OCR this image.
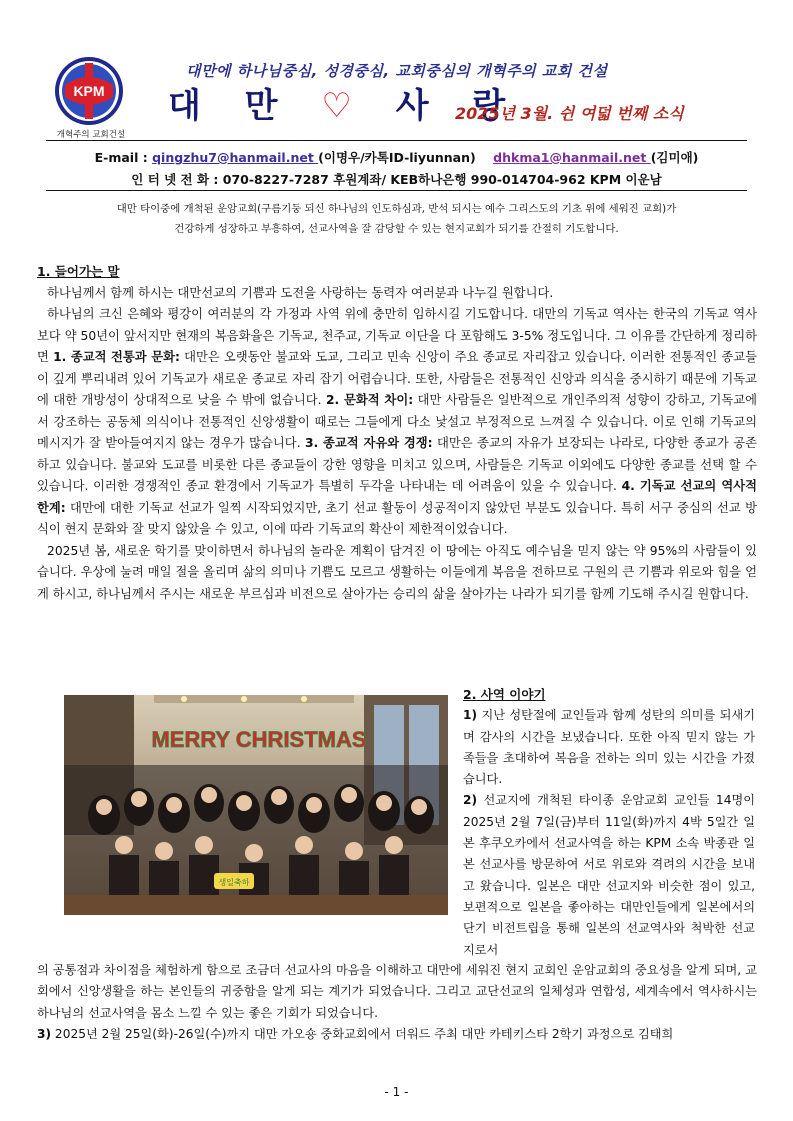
KPM
개혁주의 교회건설
대만에 하나님중심, 성경중심, 교회중심의 개혁주의 교회 건설
대 만 ♡ 사 랑
2025년 3월. 쉰 여덟 번째 소식
E-mail : qingzhu7@hanmail.net (이명우/카톡ID-liyunnan) dhkma1@hanmail.net (김미애)
인 터 넷 전 화 : 070-8227-7287 후원계좌/ KEB하나은행 990-014704-962 KPM 이운남
대만 타이중에 개척된 운암교회(구름기둥 되신 하나님의 인도하심과, 반석 되시는 예수 그리스도의 기초 위에 세워진 교회)가
건강하게 성장하고 부흥하여, 선교사역을 잘 감당할 수 있는 현지교회가 되기를 간절히 기도합니다.
1. 들어가는 말

하나님께서 함께 하시는 대만선교의 기쁨과 도전을 사랑하는 동력자 여러분과 나누길 원합니다.

하나님의 크신 은혜와 평강이 여러분의 각 가정과 사역 위에 충만히 임하시길 기도합니다. 대만의 기독교 역사는 한국의 기독교 역사보다 약 50년이 앞서지만 현재의 복음화율은 기독교, 천주교, 기독교 이단을 다 포함해도 3-5% 정도입니다. 그 이유를 간단하게 정리하면 1. 종교적 전통과 문화: 대만은 오랫동안 불교와 도교, 그리고 민속 신앙이 주요 종교로 자리잡고 있습니다. 이러한 전통적인 종교들이 깊게 뿌리내려 있어 기독교가 새로운 종교로 자리 잡기 어렵습니다. 또한, 사람들은 전통적인 신앙과 의식을 중시하기 때문에 기독교에 대한 개방성이 상대적으로 낮을 수 밖에 없습니다. 2. 문화적 차이: 대만 사람들은 일반적으로 개인주의적 성향이 강하고, 기독교에서 강조하는 공동체 의식이나 전통적인 신앙생활이 때로는 그들에게 다소 낯설고 부정적으로 느껴질 수 있습니다. 이로 인해 기독교의 메시지가 잘 받아들여지지 않는 경우가 많습니다. 3. 종교적 자유와 경쟁: 대만은 종교의 자유가 보장되는 나라로, 다양한 종교가 공존하고 있습니다. 불교와 도교를 비롯한 다른 종교들이 강한 영향을 미치고 있으며, 사람들은 기독교 이외에도 다양한 종교를 선택 할 수 있습니다. 이러한 경쟁적인 종교 환경에서 기독교가 특별히 두각을 나타내는 데 어려움이 있을 수 있습니다. 4. 기독교 선교의 역사적 한계: 대만에 대한 기독교 선교가 일찍 시작되었지만, 초기 선교 활동이 성공적이지 않았던 부분도 있습니다. 특히 서구 중심의 선교 방식이 현지 문화와 잘 맞지 않았을 수 있고, 이에 따라 기독교의 확산이 제한적이었습니다.

2025년 봄, 새로운 학기를 맞이하면서 하나님의 놀라운 계획이 담겨진 이 땅에는 아직도 예수님을 믿지 않는 약 95%의 사람들이 있습니다. 우상에 눌려 매일 절을 올리며 삶의 의미나 기쁨도 모르고 생활하는 이들에게 복음을 전하므로 구원의 큰 기쁨과 위로와 힘을 얻게 하시고, 하나님께서 주시는 새로운 부르심과 비전으로 살아가는 승리의 삶을 살아가는 나라가 되기를 함께 기도해 주시길 원합니다.

MERRY CHRISTMAS
생일축하
2. 사역 이야기

1) 지난 성탄절에 교인들과 함께 성탄의 의미를 되새기며 감사의 시간을 보냈습니다. 또한 아직 믿지 않는 가족들을 초대하여 복음을 전하는 의미 있는 시간을 가졌습니다.

2) 선교지에 개척된 타이종 운암교회 교인들 14명이 2025년 2월 7일(금)부터 11일(화)까지 4박 5일간 일본 후쿠오카에서 선교사역을 하는 KPM 소속 박종관 일본 선교사를 방문하여 서로 위로와 격려의 시간을 보내고 왔습니다. 일본은 대만 선교지와 비슷한 점이 있고, 보편적으로 일본을 좋아하는 대만인들에게 일본에서의 단기 비전트립을 통해 일본의 선교역사와 척박한 선교지로서

의 공통점과 차이점을 체험하게 함으로 조금더 선교사의 마음을 이해하고 대만에 세워진 현지 교회인 운암교회의 중요성을 알게 되며, 교회에서 신앙생활을 하는 본인들의 귀중함을 알게 되는 계기가 되었습니다. 그리고 교단선교의 일체성과 연합성, 세계속에서 역사하시는 하나님의 선교사역을 몸소 느낄 수 있는 좋은 기회가 되었습니다.

3) 2025년 2월 25일(화)-26일(수)까지 대만 가오숑 중화교회에서 더워드 주최 대만 카테키스타 2학기 과정으로 김태희

- 1 -
